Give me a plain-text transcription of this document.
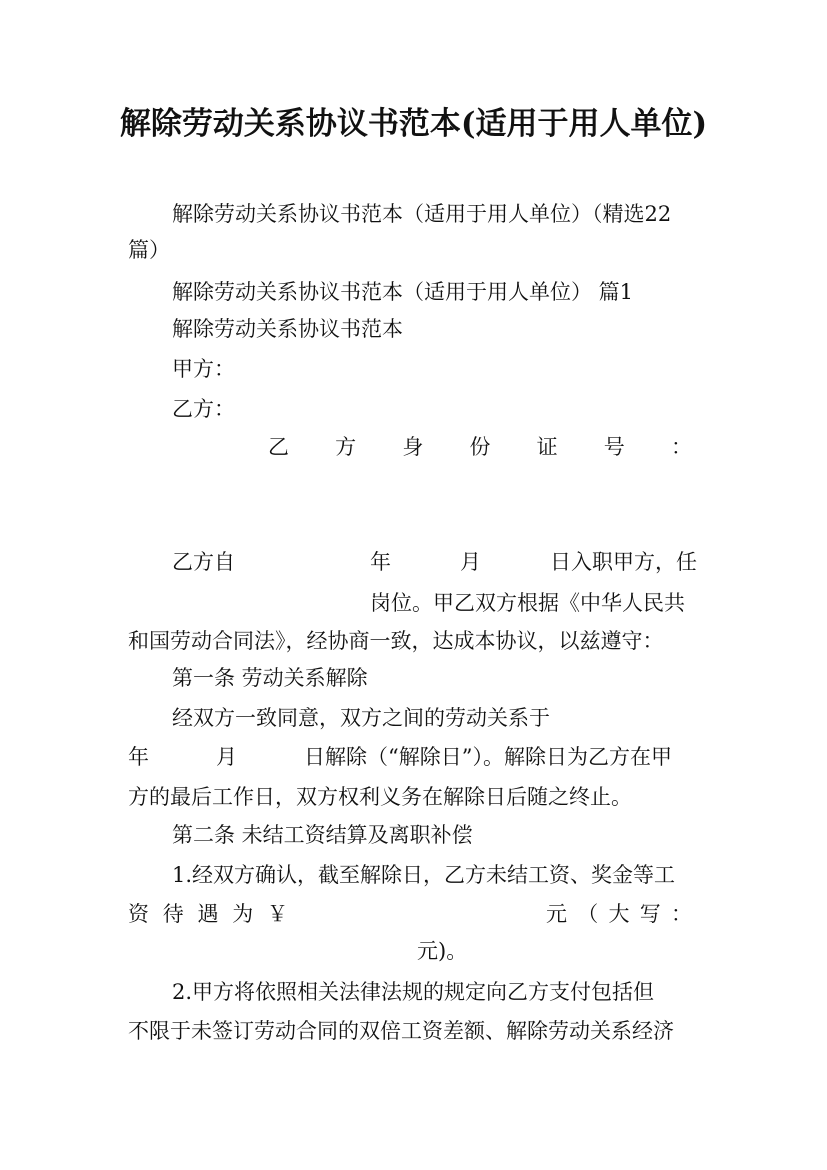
解除劳动关系协议书范本(适用于用人单位)
解除劳动关系协议书范本（适用于用人单位）（精选22
篇）
解除劳动关系协议书范本（适用于用人单位） 篇1
解除劳动关系协议书范本
甲方：
乙方：
乙 方 身 份 证 号 ：
乙方自	年	月	日入职甲方，任
岗位。甲乙双方根据《中华人民共
和国劳动合同法》，经协商一致，达成本协议，以兹遵守：
第一条 劳动关系解除
经双方一致同意，双方之间的劳动关系于
年	月	日解除（“解除日”）。解除日为乙方在甲
方的最后工作日，双方权利义务在解除日后随之终止。
第二条 未结工资结算及离职补偿
1.经双方确认，截至解除日，乙方未结工资、奖金等工
资 待 遇 为 ￥	元 （ 大 写 ：
元)。
2.甲方将依照相关法律法规的规定向乙方支付包括但
不限于未签订劳动合同的双倍工资差额、解除劳动关系经济
